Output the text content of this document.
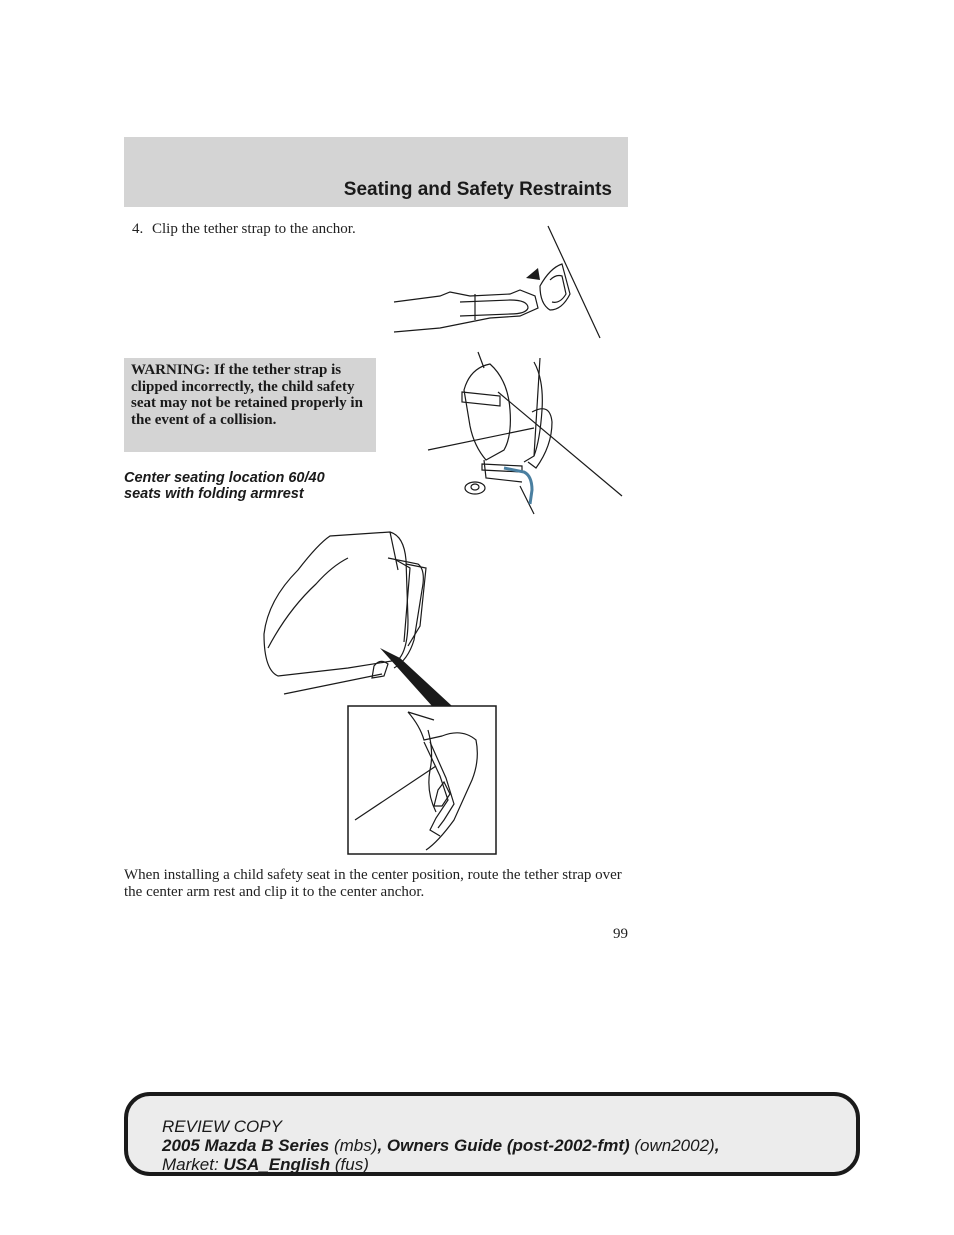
Seating and Safety Restraints
4. Clip the tether strap to the anchor.

WARNING: If the tether strap is clipped incorrectly, the child safety seat may not be retained properly in the event of a collision.

Center seating location 60/40 seats with folding armrest
When installing a child safety seat in the center position, route the tether strap over the center arm rest and clip it to the center anchor.
99
REVIEW COPY
2005 Mazda B Series (mbs), Owners Guide (post-2002-fmt) (own2002),
Market: USA_English (fus)
